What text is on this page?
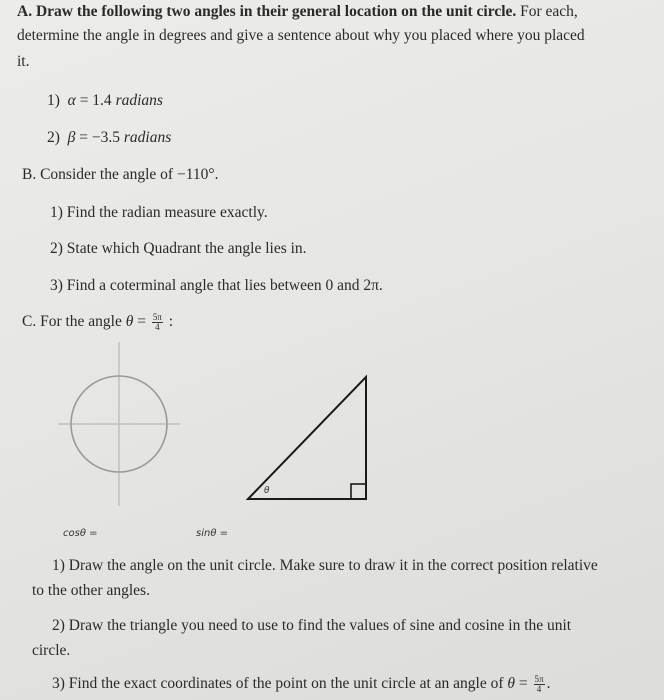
A. Draw the following two angles in their general location on the unit circle. For each,
determine the angle in degrees and give a sentence about why you placed where you placed
it.
1) α = 1.4 radians
2) β = −3.5 radians
B. Consider the angle of −110°.
1) Find the radian measure exactly.
2) State which Quadrant the angle lies in.
3) Find a coterminal angle that lies between 0 and 2π.
C. For the angle $\theta = \frac{5\pi}{4}$ :
θ
cosθ =	sinθ =
1) Draw the angle on the unit circle. Make sure to draw it in the correct position relative
to the other angles.
2) Draw the triangle you need to use to find the values of sine and cosine in the unit
circle.
3) Find the exact coordinates of the point on the unit circle at an angle of $\theta = \frac{5\pi}{4}$ .
